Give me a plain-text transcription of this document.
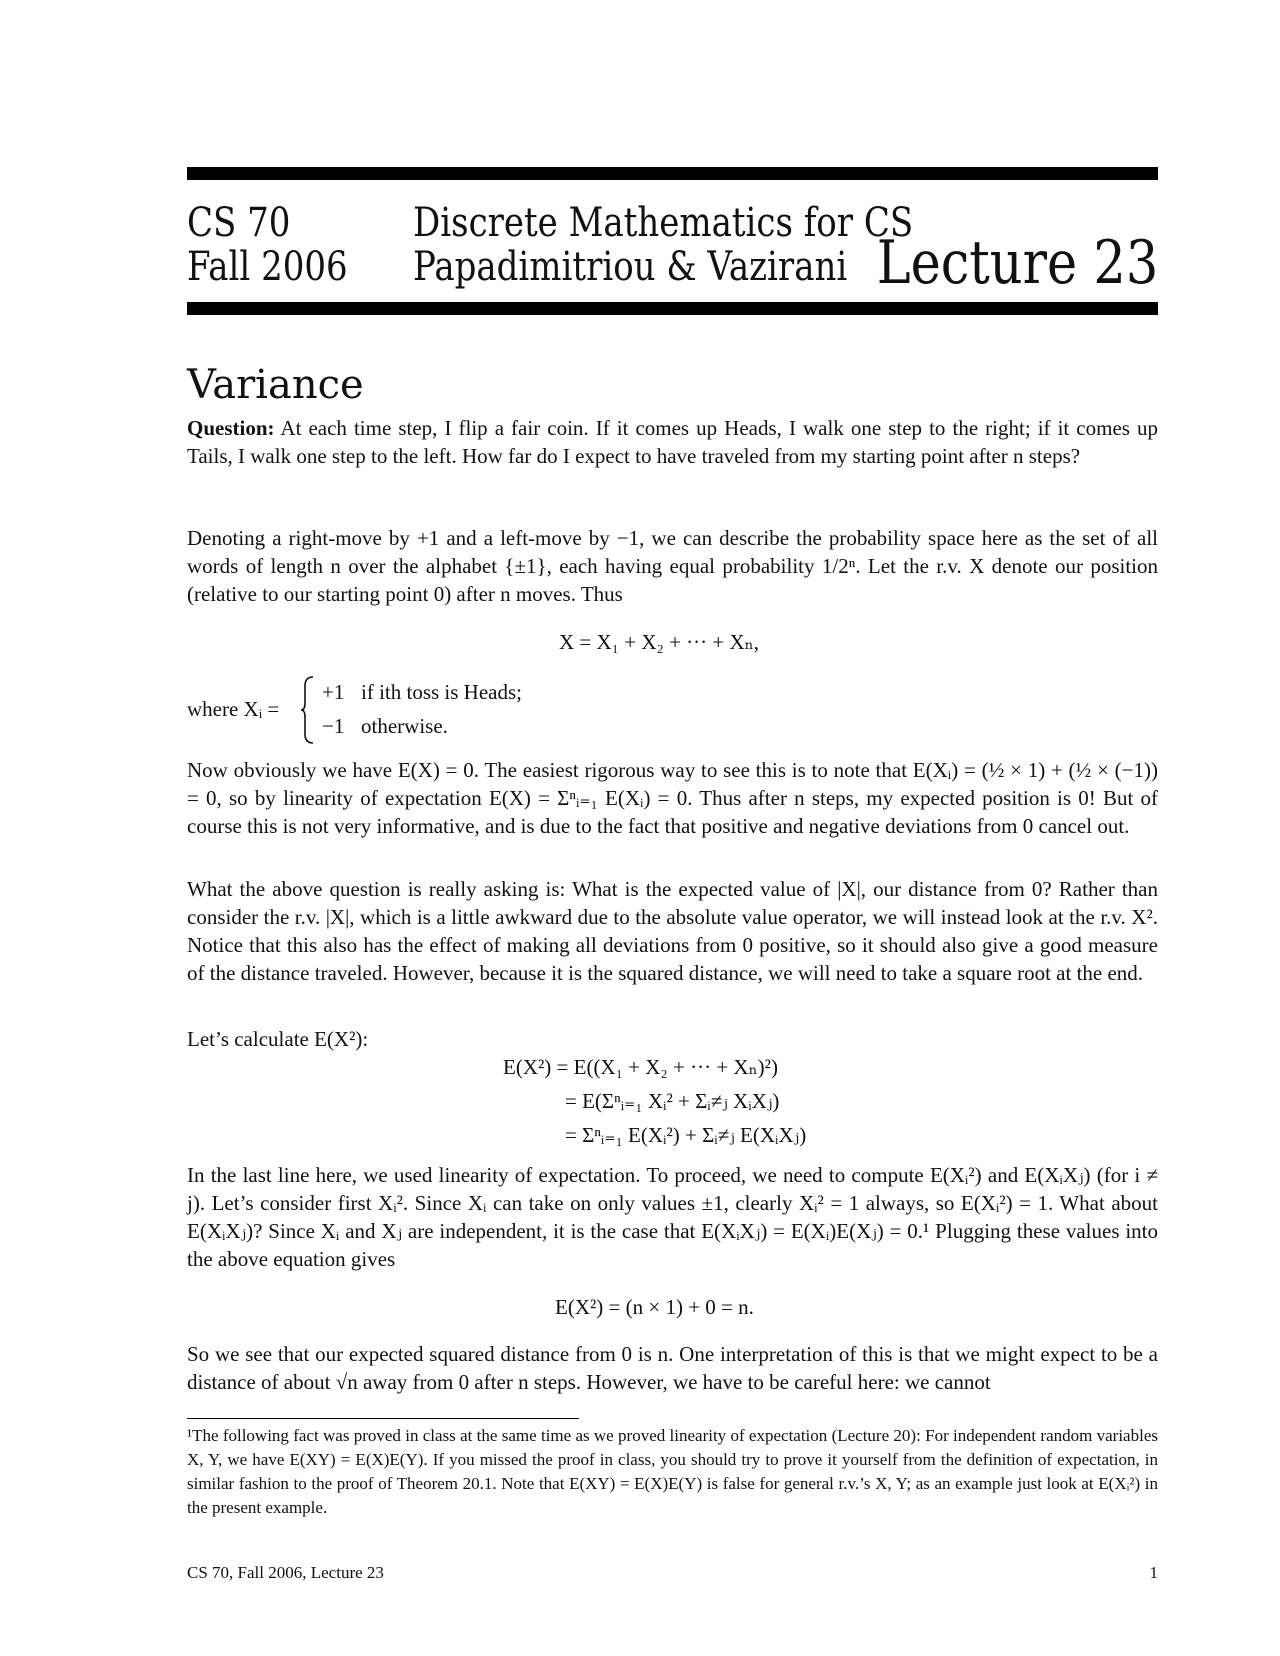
CS 70
Fall 2006
Discrete Mathematics for CS
Papadimitriou & Vazirani Lecture 23
Variance

Question: At each time step, I flip a fair coin. If it comes up Heads, I walk one step to the right; if it comes up Tails, I walk one step to the left. How far do I expect to have traveled from my starting point after n steps?

Denoting a right-move by +1 and a left-move by −1, we can describe the probability space here as the set of all words of length n over the alphabet {±1}, each having equal probability 1/2ⁿ. Let the r.v. X denote our position (relative to our starting point 0) after n moves. Thus

X = X₁ + X₂ + ··· + Xₙ,
where Xᵢ =
+1 if ith toss is Heads;
−1 otherwise.

Now obviously we have E(X) = 0. The easiest rigorous way to see this is to note that E(Xᵢ) = (½ × 1) + (½ × (−1)) = 0, so by linearity of expectation E(X) = Σⁿᵢ₌₁ E(Xᵢ) = 0. Thus after n steps, my expected position is 0! But of course this is not very informative, and is due to the fact that positive and negative deviations from 0 cancel out.

What the above question is really asking is: What is the expected value of |X|, our distance from 0? Rather than consider the r.v. |X|, which is a little awkward due to the absolute value operator, we will instead look at the r.v. X². Notice that this also has the effect of making all deviations from 0 positive, so it should also give a good measure of the distance traveled. However, because it is the squared distance, we will need to take a square root at the end.

Let’s calculate E(X²):

E(X²) = E((X₁ + X₂ + ··· + Xₙ)²)
= E(Σⁿᵢ₌₁ Xᵢ² + Σᵢ≠ⱼ XᵢXⱼ)
= Σⁿᵢ₌₁ E(Xᵢ²) + Σᵢ≠ⱼ E(XᵢXⱼ)

In the last line here, we used linearity of expectation. To proceed, we need to compute E(Xᵢ²) and E(XᵢXⱼ) (for i ≠ j). Let’s consider first Xᵢ². Since Xᵢ can take on only values ±1, clearly Xᵢ² = 1 always, so E(Xᵢ²) = 1. What about E(XᵢXⱼ)? Since Xᵢ and Xⱼ are independent, it is the case that E(XᵢXⱼ) = E(Xᵢ)E(Xⱼ) = 0.¹ Plugging these values into the above equation gives

E(X²) = (n × 1) + 0 = n.

So we see that our expected squared distance from 0 is n. One interpretation of this is that we might expect to be a distance of about √n away from 0 after n steps. However, we have to be careful here: we cannot

¹The following fact was proved in class at the same time as we proved linearity of expectation (Lecture 20): For independent random variables X, Y, we have E(XY) = E(X)E(Y). If you missed the proof in class, you should try to prove it yourself from the definition of expectation, in similar fashion to the proof of Theorem 20.1. Note that E(XY) = E(X)E(Y) is false for general r.v.’s X, Y; as an example just look at E(Xᵢ²) in the present example.

CS 70, Fall 2006, Lecture 23	1
